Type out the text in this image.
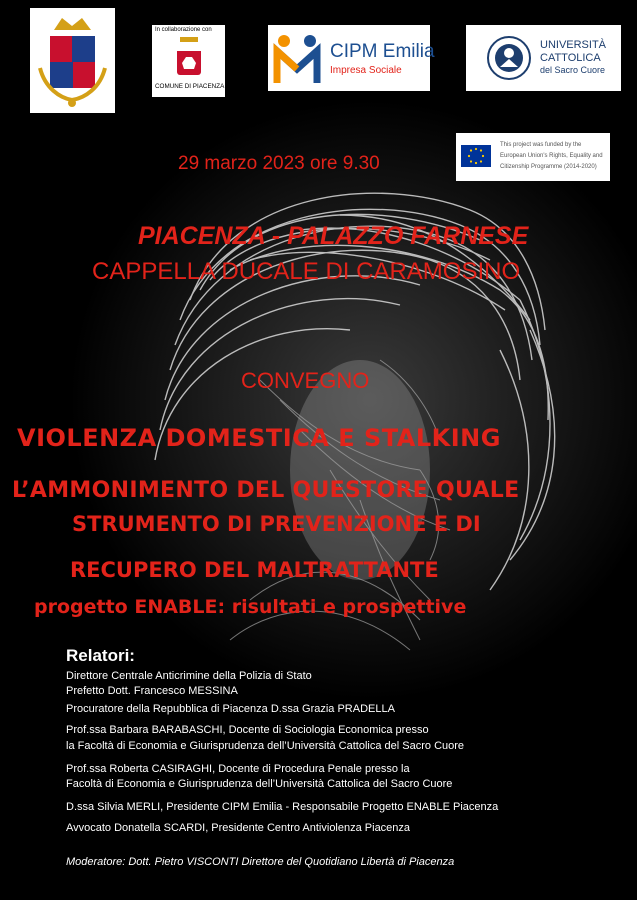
In collaborazione con
COMUNE DI PIACENZA
CIPM Emilia
Impresa Sociale
UNIVERSITÀ
CATTOLICA
del Sacro Cuore
This project was funded by the
European Union's Rights, Equality and
Citizenship Programme (2014-2020)
29 marzo 2023 ore 9.30
PIACENZA - PALAZZO FARNESE
CAPPELLA DUCALE DI CARAMOSINO
CONVEGNO
VIOLENZA DOMESTICA E STALKING
L’AMMONIMENTO DEL QUESTORE QUALE
STRUMENTO DI PREVENZIONE E DI
RECUPERO DEL MALTRATTANTE
progetto ENABLE: risultati e prospettive
Relatori:
Direttore Centrale Anticrimine della Polizia di Stato
Prefetto Dott. Francesco MESSINA
Procuratore della Repubblica di Piacenza D.ssa Grazia PRADELLA
Prof.ssa Barbara BARABASCHI, Docente di Sociologia Economica presso
la Facoltà di Economia e Giurisprudenza dell’Università Cattolica del Sacro Cuore
Prof.ssa Roberta CASIRAGHI, Docente di Procedura Penale presso la
Facoltà di Economia e Giurisprudenza dell’Università Cattolica del Sacro Cuore
D.ssa Silvia MERLI, Presidente CIPM Emilia - Responsabile Progetto ENABLE Piacenza
Avvocato Donatella SCARDI, Presidente Centro Antiviolenza Piacenza
Moderatore: Dott. Pietro VISCONTI Direttore del Quotidiano Libertà di Piacenza
